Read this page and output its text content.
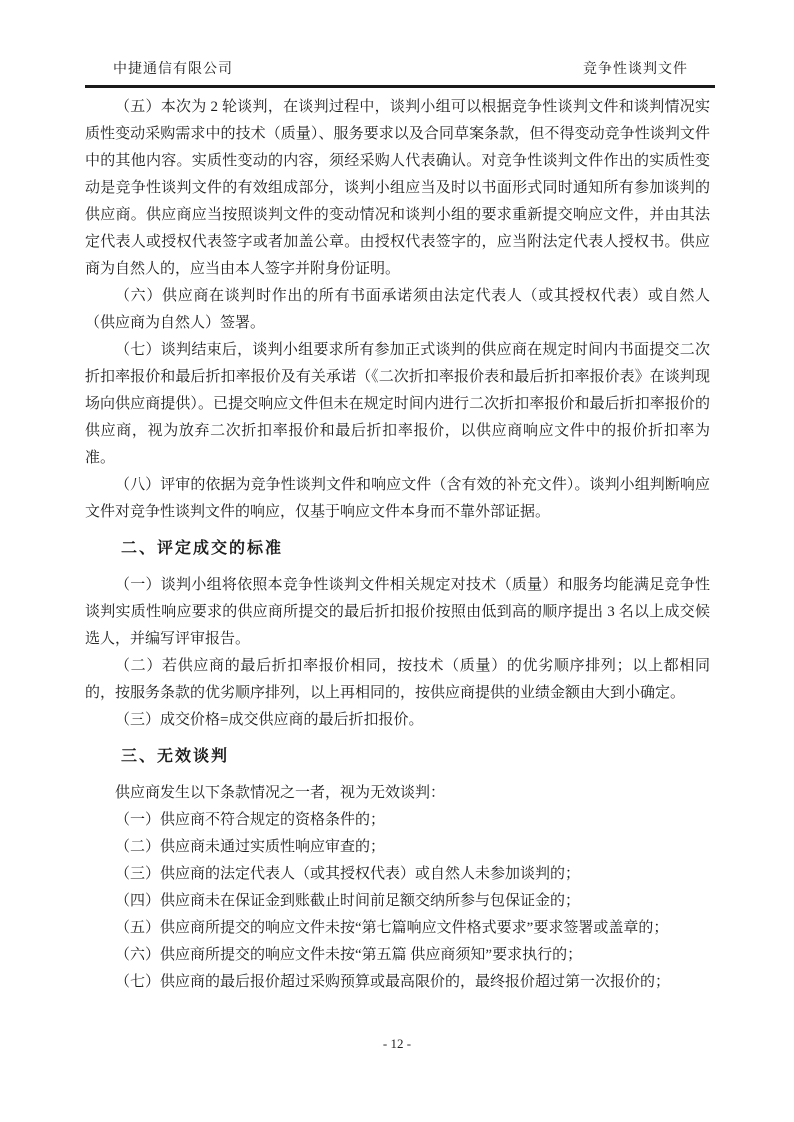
中捷通信有限公司	竞争性谈判文件

（五）本次为 2 轮谈判，在谈判过程中，谈判小组可以根据竞争性谈判文件和谈判情况实质性变动采购需求中的技术（质量）、服务要求以及合同草案条款，但不得变动竞争性谈判文件中的其他内容。实质性变动的内容，须经采购人代表确认。对竞争性谈判文件作出的实质性变动是竞争性谈判文件的有效组成部分，谈判小组应当及时以书面形式同时通知所有参加谈判的供应商。供应商应当按照谈判文件的变动情况和谈判小组的要求重新提交响应文件，并由其法定代表人或授权代表签字或者加盖公章。由授权代表签字的，应当附法定代表人授权书。供应商为自然人的，应当由本人签字并附身份证明。

（六）供应商在谈判时作出的所有书面承诺须由法定代表人（或其授权代表）或自然人（供应商为自然人）签署。

（七）谈判结束后，谈判小组要求所有参加正式谈判的供应商在规定时间内书面提交二次折扣率报价和最后折扣率报价及有关承诺（《二次折扣率报价表和最后折扣率报价表》在谈判现场向供应商提供）。已提交响应文件但未在规定时间内进行二次折扣率报价和最后折扣率报价的供应商，视为放弃二次折扣率报价和最后折扣率报价，以供应商响应文件中的报价折扣率为准。

（八）评审的依据为竞争性谈判文件和响应文件（含有效的补充文件）。谈判小组判断响应文件对竞争性谈判文件的响应，仅基于响应文件本身而不靠外部证据。

二、评定成交的标准

（一）谈判小组将依照本竞争性谈判文件相关规定对技术（质量）和服务均能满足竞争性谈判实质性响应要求的供应商所提交的最后折扣报价按照由低到高的顺序提出 3 名以上成交候选人，并编写评审报告。

（二）若供应商的最后折扣率报价相同，按技术（质量）的优劣顺序排列；以上都相同的，按服务条款的优劣顺序排列，以上再相同的，按供应商提供的业绩金额由大到小确定。

（三）成交价格=成交供应商的最后折扣报价。

三、无效谈判

供应商发生以下条款情况之一者，视为无效谈判：

（一）供应商不符合规定的资格条件的；

（二）供应商未通过实质性响应审查的；

（三）供应商的法定代表人（或其授权代表）或自然人未参加谈判的；

（四）供应商未在保证金到账截止时间前足额交纳所参与包保证金的；

（五）供应商所提交的响应文件未按“第七篇响应文件格式要求”要求签署或盖章的；

（六）供应商所提交的响应文件未按“第五篇 供应商须知”要求执行的；

（七）供应商的最后报价超过采购预算或最高限价的，最终报价超过第一次报价的；

- 12 -
